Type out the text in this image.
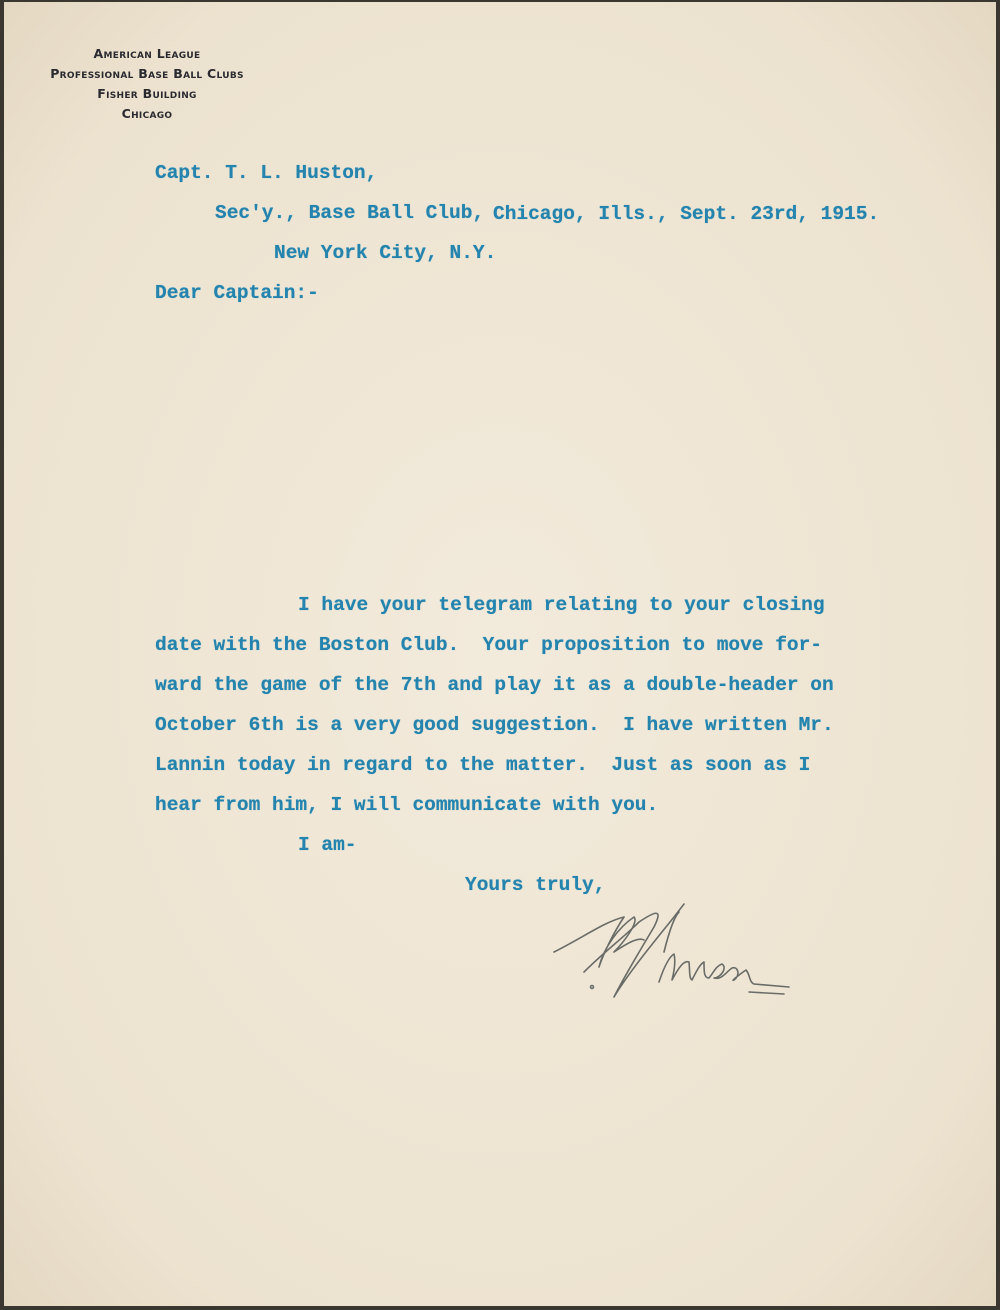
American League
Professional Base Ball Clubs
Fisher Building
Chicago
Chicago, Ills., Sept. 23rd, 1915.
Capt. T. L. Huston,
Sec'y., Base Ball Club,
New York City, N.Y.
Dear Captain:-
I have your telegram relating to your closing
date with the Boston Club.  Your proposition to move for-
ward the game of the 7th and play it as a double-header on
October 6th is a very good suggestion.  I have written Mr.
Lannin today in regard to the matter.  Just as soon as I
hear from him, I will communicate with you.
I am-
Yours truly,
